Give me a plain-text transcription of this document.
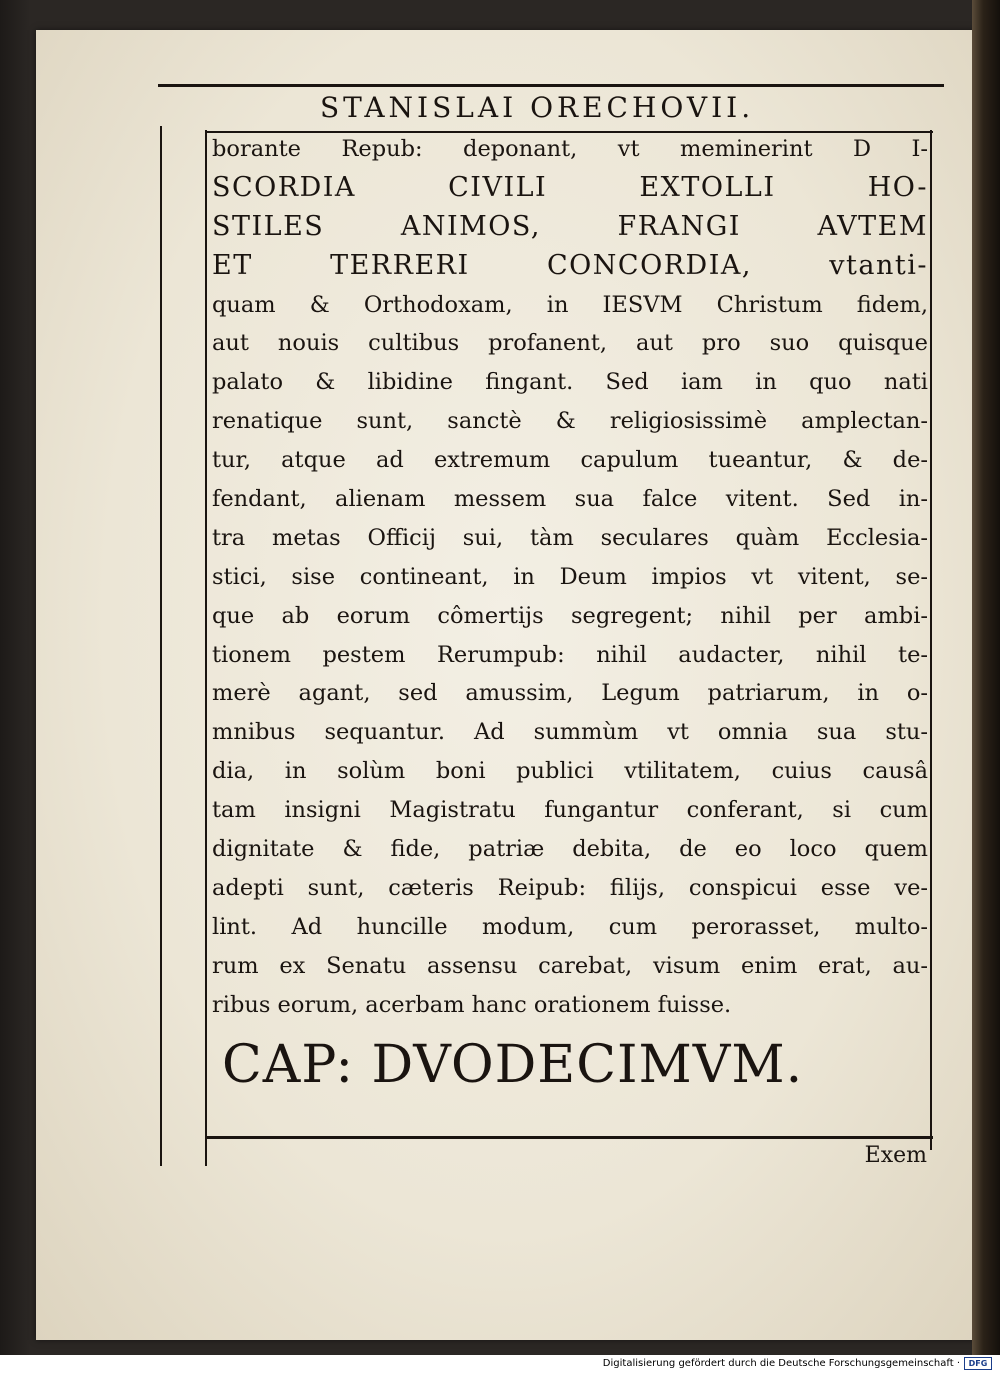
STANISLAI ORECHOVII.
borante Repub: deponant, vt meminerint D I-
SCORDIA CIVILI EXTOLLI HO-
STILES ANIMOS, FRANGI AVTEM
ET TERRERI CONCORDIA, vtanti-
quam & Orthodoxam, in IESVM Christum fidem,
aut nouis cultibus profanent, aut pro suo quisque
palato & libidine fingant. Sed iam in quo nati
renatique sunt, sanctè & religiosissimè amplectan-
tur, atque ad extremum capulum tueantur, & de-
fendant, alienam messem sua falce vitent. Sed in-
tra metas Officij sui, tàm seculares quàm Ecclesia-
stici, sise contineant, in Deum impios vt vitent, se-
que ab eorum cômertijs segregent; nihil per ambi-
tionem pestem Rerumpub: nihil audacter, nihil te-
merè agant, sed amussim, Legum patriarum, in o-
mnibus sequantur. Ad summùm vt omnia sua stu-
dia, in solùm boni publici vtilitatem, cuius causâ
tam insigni Magistratu fungantur conferant, si cum
dignitate & fide, patriæ debita, de eo loco quem
adepti sunt, cæteris Reipub: filijs, conspicui esse ve-
lint. Ad huncille modum, cum perorasset, multo-
rum ex Senatu assensu carebat, visum enim erat, au-
ribus eorum, acerbam hanc orationem fuisse.
CAP: DVODECIMVM.
Exem
Digitalisierung gefördert durch die Deutsche Forschungsgemeinschaft ·	DFG
